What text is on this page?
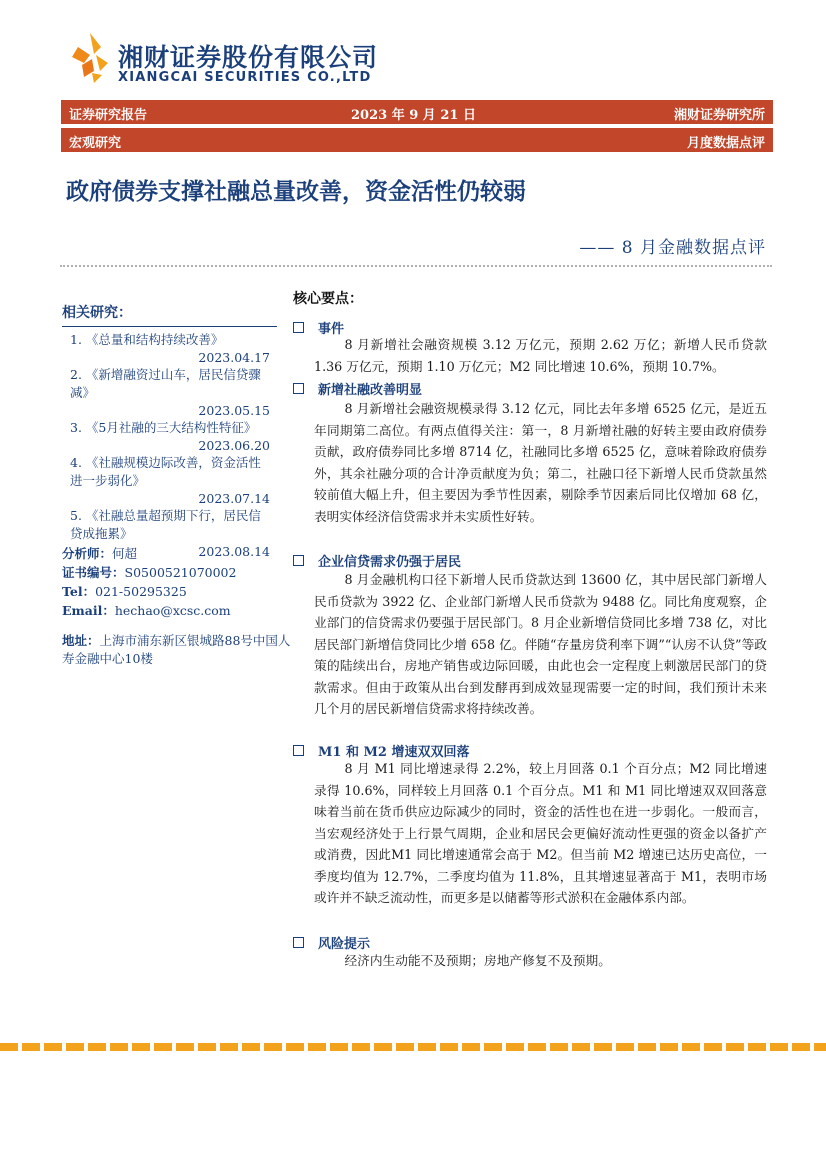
湘财证券股份有限公司
XIANGCAI SECURITIES CO.,LTD
证券研究报告	2023 年 9 月 21 日	湘财证券研究所
宏观研究	月度数据点评
政府债券支撑社融总量改善，资金活性仍较弱
—— 8 月金融数据点评
相关研究：
1. 《总量和结构持续改善》
2023.04.17
2. 《新增融资过山车，居民信贷骤减》
2023.05.15
3. 《5月社融的三大结构性特征》
2023.06.20
4. 《社融规模边际改善，资金活性进一步弱化》
2023.07.14
5. 《社融总量超预期下行，居民信贷成拖累》
2023.08.14
分析师：何超
证书编号：S0500521070002
Tel：021-50295325
Email：hechao@xcsc.com
地址：上海市浦东新区银城路88号中国人寿金融中心10楼
核心要点：
事件
8 月新增社会融资规模 3.12 万亿元，预期 2.62 万亿；新增人民币贷款 1.36 万亿元，预期 1.10 万亿元；M2 同比增速 10.6%，预期 10.7%。
新增社融改善明显
8 月新增社会融资规模录得 3.12 亿元，同比去年多增 6525 亿元，是近五年同期第二高位。有两点值得关注：第一，8 月新增社融的好转主要由政府债券贡献，政府债券同比多增 8714 亿，社融同比多增 6525 亿，意味着除政府债券外，其余社融分项的合计净贡献度为负；第二，社融口径下新增人民币贷款虽然较前值大幅上升，但主要因为季节性因素，剔除季节因素后同比仅增加 68 亿，表明实体经济信贷需求并未实质性好转。
企业信贷需求仍强于居民
8 月金融机构口径下新增人民币贷款达到 13600 亿，其中居民部门新增人民币贷款为 3922 亿、企业部门新增人民币贷款为 9488 亿。同比角度观察，企业部门的信贷需求仍要强于居民部门。8 月企业新增信贷同比多增 738 亿，对比居民部门新增信贷同比少增 658 亿。伴随“存量房贷利率下调”“认房不认贷”等政策的陆续出台，房地产销售或边际回暖，由此也会一定程度上刺激居民部门的贷款需求。但由于政策从出台到发酵再到成效显现需要一定的时间，我们预计未来几个月的居民新增信贷需求将持续改善。
M1 和 M2 增速双双回落
8 月 M1 同比增速录得 2.2%，较上月回落 0.1 个百分点；M2 同比增速录得 10.6%，同样较上月回落 0.1 个百分点。M1 和 M1 同比增速双双回落意味着当前在货币供应边际减少的同时，资金的活性也在进一步弱化。一般而言，当宏观经济处于上行景气周期，企业和居民会更偏好流动性更强的资金以备扩产或消费，因此M1 同比增速通常会高于 M2。但当前 M2 增速已达历史高位，一季度均值为 12.7%，二季度均值为 11.8%，且其增速显著高于 M1，表明市场或许并不缺乏流动性，而更多是以储蓄等形式淤积在金融体系内部。
风险提示
经济内生动能不及预期；房地产修复不及预期。
